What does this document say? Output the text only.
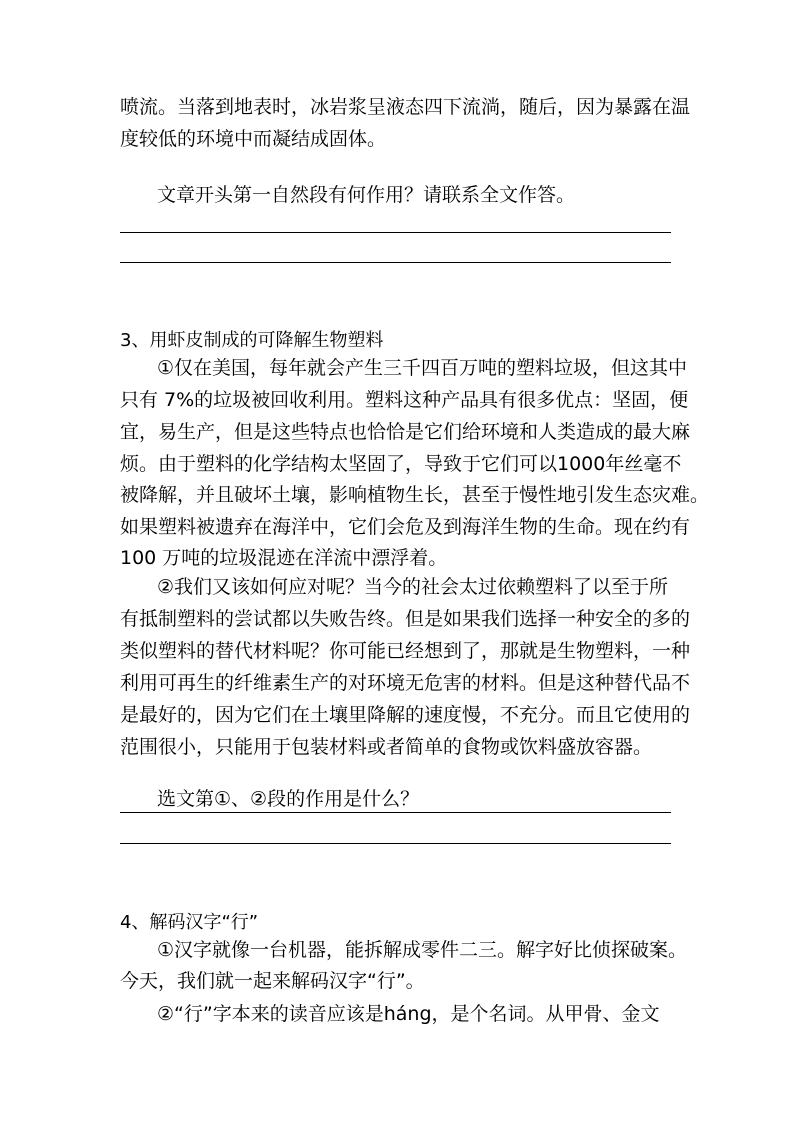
喷流。当落到地表时，冰岩浆呈液态四下流淌，随后，因为暴露在温
度较低的环境中而凝结成固体。
文章开头第一自然段有何作用？请联系全文作答。
3、用虾皮制成的可降解生物塑料
①仅在美国，每年就会产生三千四百万吨的塑料垃圾，但这其中
只有 7%的垃圾被回收利用。塑料这种产品具有很多优点：坚固，便
宜，易生产，但是这些特点也恰恰是它们给环境和人类造成的最大麻
烦。由于塑料的化学结构太坚固了，导致于它们可以1000年丝毫不
被降解，并且破坏土壤，影响植物生长，甚至于慢性地引发生态灾难。
如果塑料被遗弃在海洋中，它们会危及到海洋生物的生命。现在约有
100 万吨的垃圾混迹在洋流中漂浮着。
②我们又该如何应对呢？当今的社会太过依赖塑料了以至于所
有抵制塑料的尝试都以失败告终。但是如果我们选择一种安全的多的
类似塑料的替代材料呢？你可能已经想到了，那就是生物塑料，一种
利用可再生的纤维素生产的对环境无危害的材料。但是这种替代品不
是最好的，因为它们在土壤里降解的速度慢，不充分。而且它使用的
范围很小，只能用于包装材料或者简单的食物或饮料盛放容器。
选文第①、②段的作用是什么？
4、解码汉字“行”
①汉字就像一台机器，能拆解成零件二三。解字好比侦探破案。
今天，我们就一起来解码汉字“行”。
②“行”字本来的读音应该是háng，是个名词。从甲骨、金文
